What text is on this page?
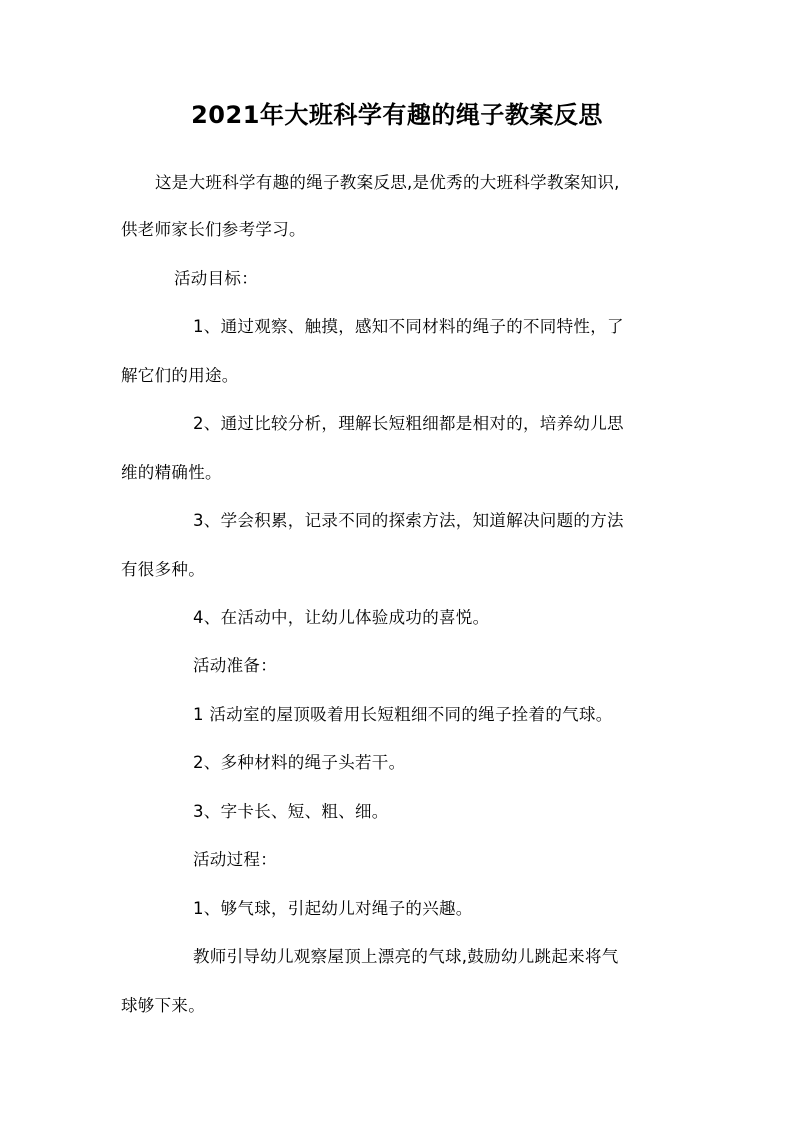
2021年大班科学有趣的绳子教案反思
这是大班科学有趣的绳子教案反思,是优秀的大班科学教案知识,
供老师家长们参考学习。
活动目标：
1、通过观察、触摸，感知不同材料的绳子的不同特性，了
解它们的用途。
2、通过比较分析，理解长短粗细都是相对的，培养幼儿思
维的精确性。
3、学会积累，记录不同的探索方法，知道解决问题的方法
有很多种。
4、在活动中，让幼儿体验成功的喜悦。
活动准备：
1 活动室的屋顶吸着用长短粗细不同的绳子拴着的气球。
2、多种材料的绳子头若干。
3、字卡长、短、粗、细。
活动过程：
1、够气球，引起幼儿对绳子的兴趣。
教师引导幼儿观察屋顶上漂亮的气球,鼓励幼儿跳起来将气
球够下来。
